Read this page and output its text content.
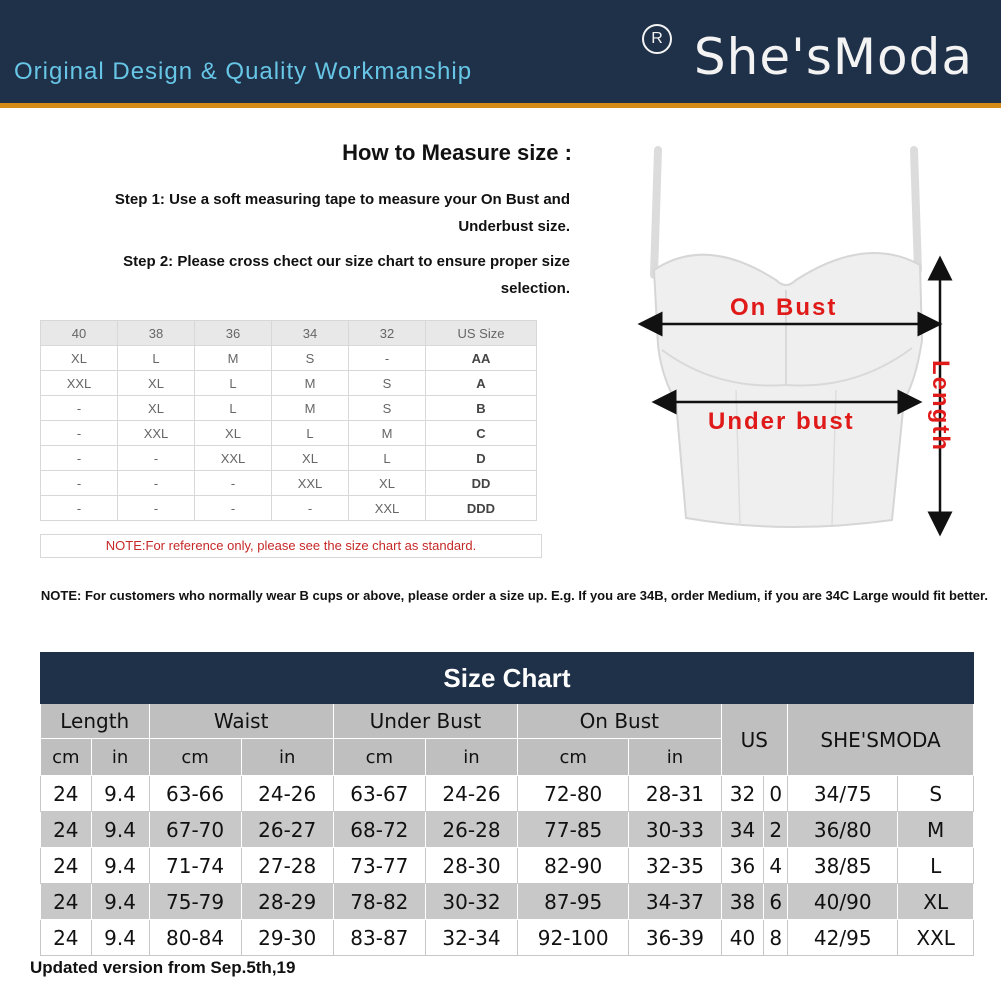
She'sModa
R
Original Design & Quality Workmanship
How to Measure size :
Step 1: Use a soft measuring tape to measure your On Bust and Underbust size.
Step 2: Please cross chect our size chart to ensure proper size selection.
40	38	36	34	32	US Size
XL	L	M	S	-	AA
XXL	XL	L	M	S	A
-	XL	L	M	S	B
-	XXL	XL	L	M	C
-	-	XXL	XL	L	D
-	-	-	XXL	XL	DD
-	-	-	-	XXL	DDD
NOTE:For reference only, please see the size chart as standard.
On Bust
Under bust	Length
NOTE: For customers who normally wear B cups or above, please order a size up. E.g. If you are 34B, order Medium, if you are 34C Large would fit better.
Size Chart											
Length		Waist		Under Bust		On Bust		US		SHE'SMODA	
cm	in	cm	in	cm	in	cm	in				
24	9.4	63-66	24-26	63-67	24-26	72-80	28-31	32	0	34/75	S
24	9.4	67-70	26-27	68-72	26-28	77-85	30-33	34	2	36/80	M
24	9.4	71-74	27-28	73-77	28-30	82-90	32-35	36	4	38/85	L
24	9.4	75-79	28-29	78-82	30-32	87-95	34-37	38	6	40/90	XL
24	9.4	80-84	29-30	83-87	32-34	92-100	36-39	40	8	42/95	XXL
Updated version from Sep.5th,19
